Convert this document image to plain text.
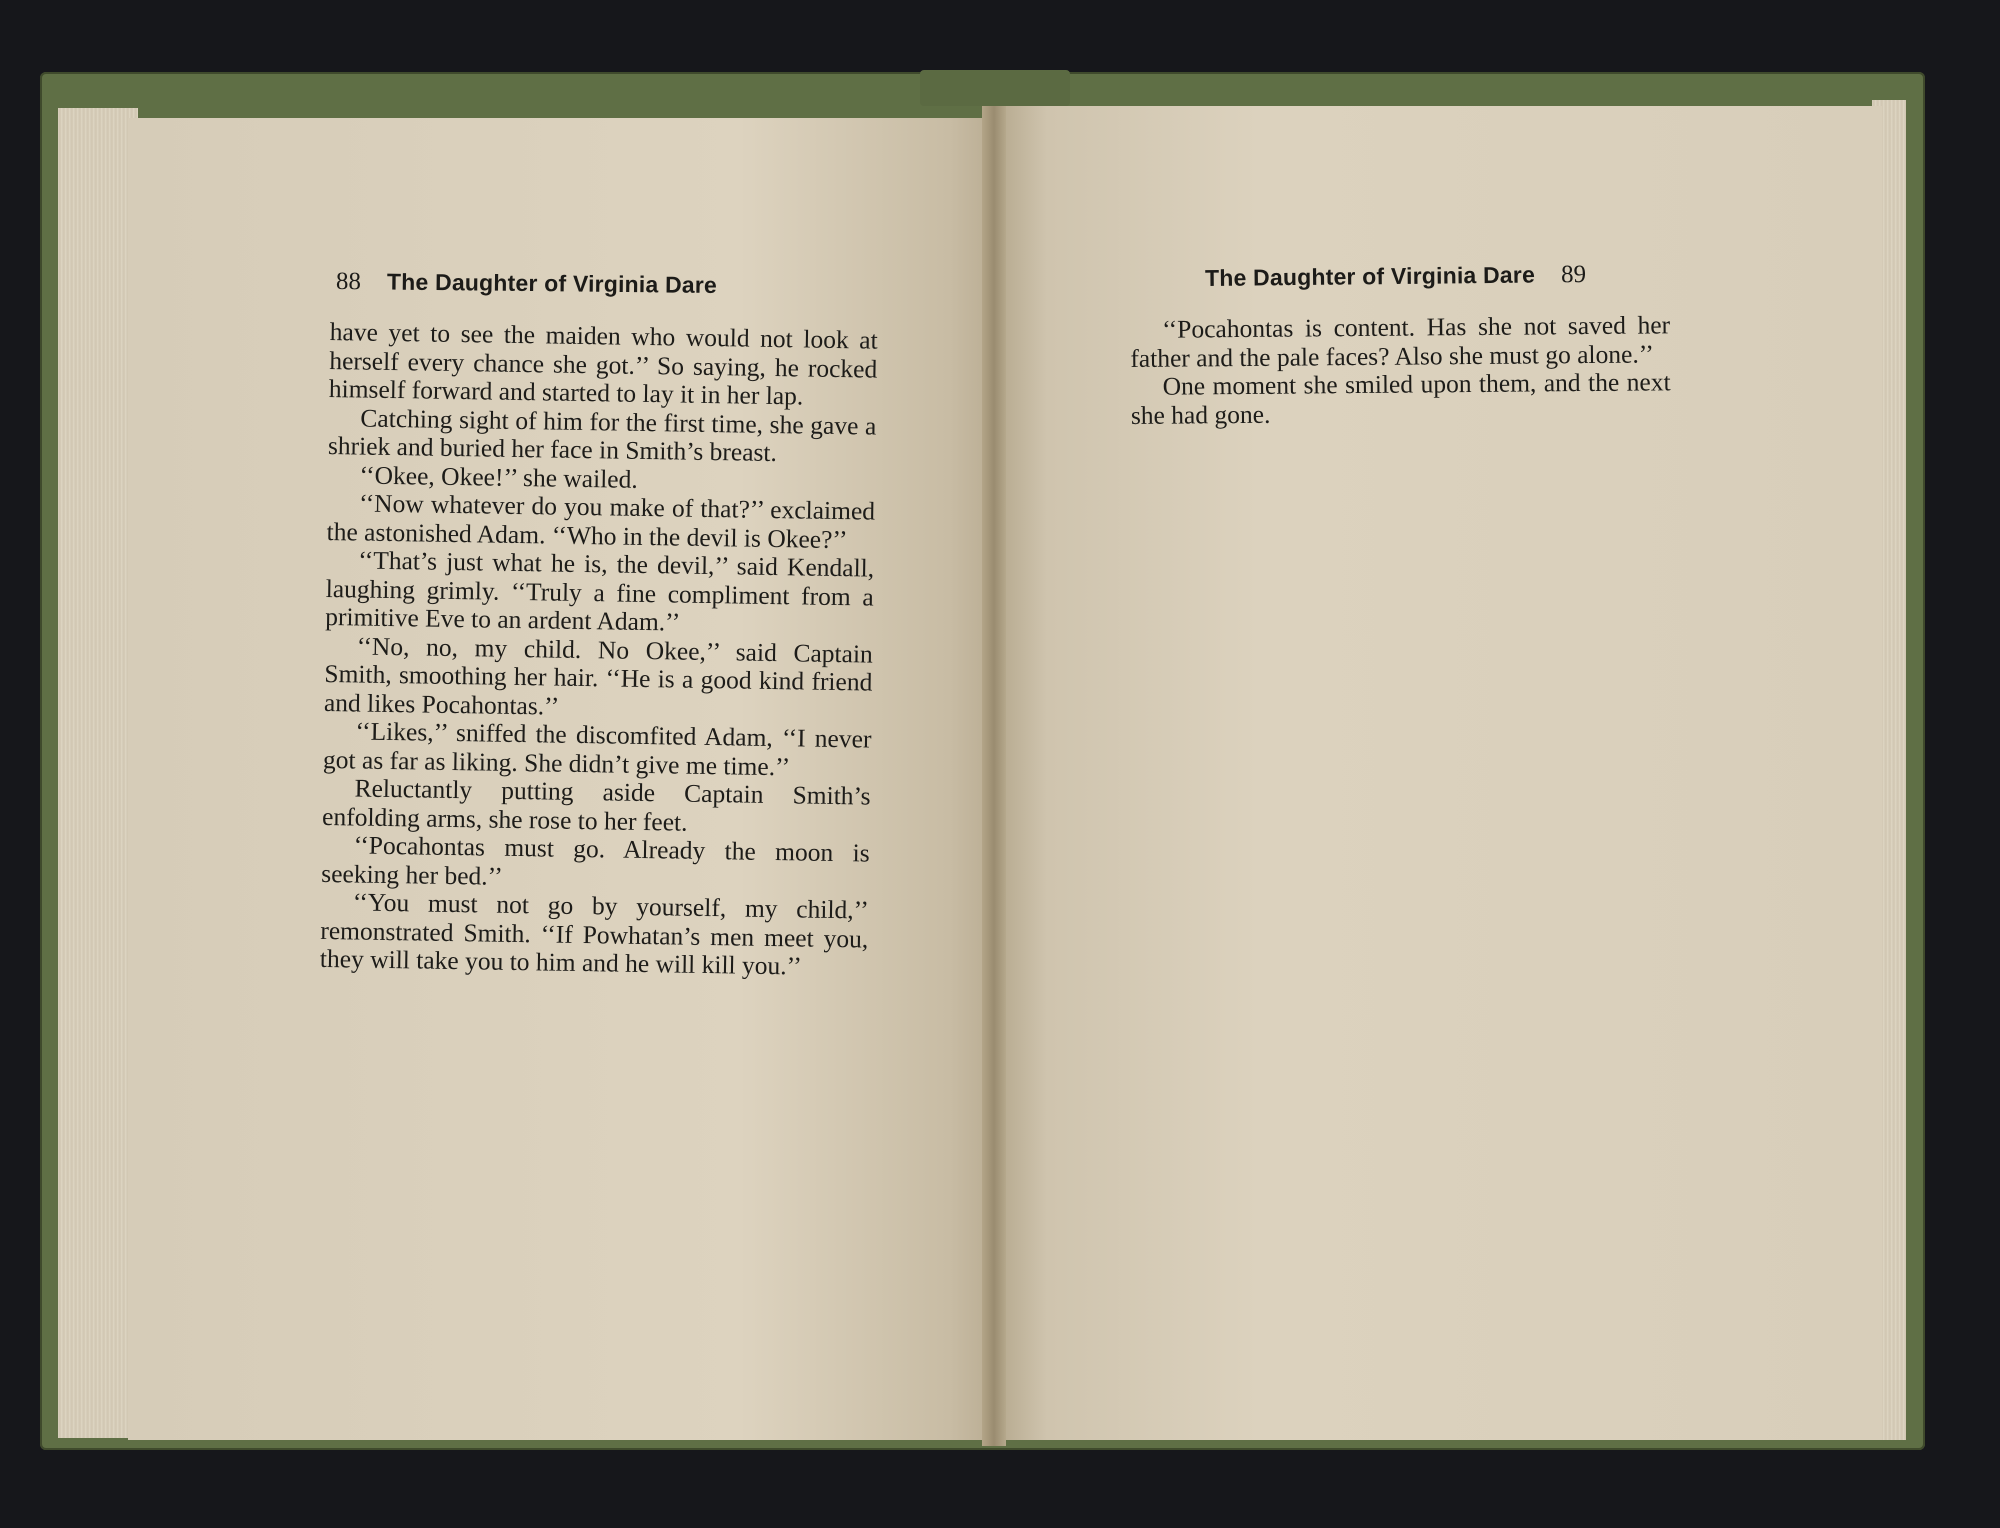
88 The Daughter of Virginia Dare	The Daughter of Virginia Dare 89

have yet to see the maiden who would not look at herself every chance she got.’’ So saying, he rocked himself forward and started to lay it in her lap.

Catching sight of him for the first time, she gave a shriek and buried her face in Smith’s breast.

‘‘Okee, Okee!’’ she wailed.

‘‘Now whatever do you make of that?’’ exclaimed the astonished Adam. ‘‘Who in the devil is Okee?’’

‘‘That’s just what he is, the devil,’’ said Kendall, laughing grimly. ‘‘Truly a fine compliment from a primitive Eve to an ardent Adam.’’

‘‘No, no, my child. No Okee,’’ said Captain Smith, smoothing her hair. ‘‘He is a good kind friend and likes Pocahontas.’’

‘‘Likes,’’ sniffed the discomfited Adam, ‘‘I never got as far as liking. She didn’t give me time.’’

Reluctantly putting aside Captain Smith’s enfolding arms, she rose to her feet.

‘‘Pocahontas must go. Already the moon is seeking her bed.’’

‘‘You must not go by yourself, my child,’’ remonstrated Smith. ‘‘If Powhatan’s men meet you, they will take you to him and he will kill you.’’

‘‘Pocahontas is content. Has she not saved her father and the pale faces? Also she must go alone.’’

One moment she smiled upon them, and the next she had gone.
